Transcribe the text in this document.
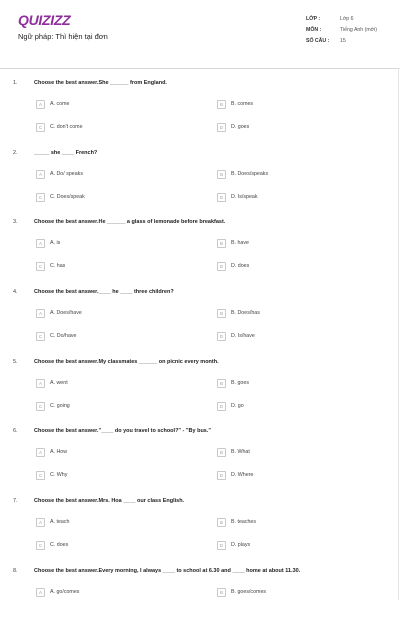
QUIZIZZ
Ngữ pháp: Thì hiện tại đơn
LỚP :	Lớp 6
MÔN :	Tiếng Anh (mới)
SỐ CÂU :	15
1.	Choose the best answer.She ______ from England.
A	A. come	B	B. comes
C	C. don't come	D	D. goes
2.	_____ she ____ French?
A	A. Do/ speaks	B	B. Does/speaks
C	C. Does/speak	D	D. Is/speak
3.	Choose the best answer.He ______ a glass of lemonade before breakfast.
A	A. is	B	B. have
C	C. has	D	D. does
4.	Choose the best answer.____ he ____ three children?
A	A. Does/have	B	B. Does/has
C	C. Do/have	D	D. Is/have
5.	Choose the best answer.My classmates ______ on picnic every month.
A	A. went	B	B. goes
C	C. going	D	D. go
6.	Choose the best answer."____ do you travel to school?" - "By bus."
A	A. How	B	B. What
C	C. Why	D	D. Where
7.	Choose the best answer.Mrs. Hoa ____ our class English.
A	A. teach	B	B. teaches
C	C. does	D	D. plays
8.	Choose the best answer.Every morning, I always ____ to school at 6.30 and ____ home at about 11.30.
A	A. go/comes	B	B. goes/comes
